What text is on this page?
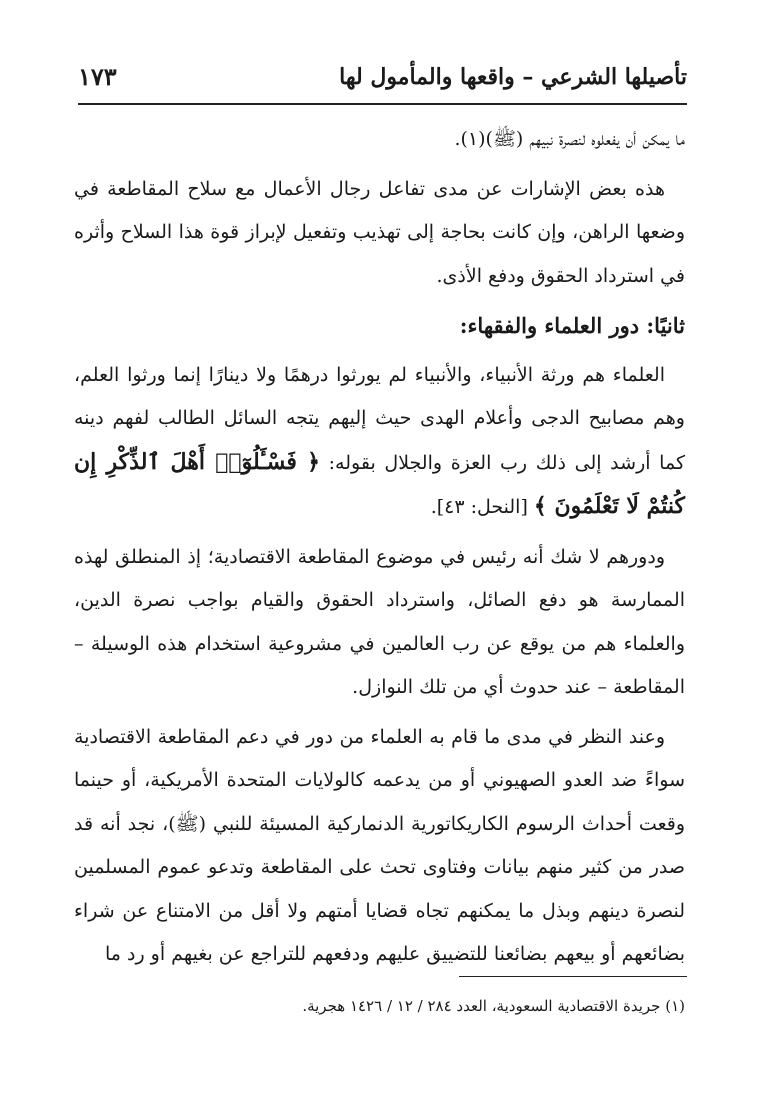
تأصيلها الشرعي – واقعها والمأمول لها
١٧٣

ما يمكن أن يفعلوه لنصرة نبيهم (ﷺ)(١).

هذه بعض الإشارات عن مدى تفاعل رجال الأعمال مع سلاح المقاطعة في وضعها الراهن، وإن كانت بحاجة إلى تهذيب وتفعيل لإبراز قوة هذا السلاح وأثره في استرداد الحقوق ودفع الأذى.

ثانيًا: دور العلماء والفقهاء:

العلماء هم ورثة الأنبياء، والأنبياء لم يورثوا درهمًا ولا دينارًا إنما ورثوا العلم، وهم مصابيح الدجى وأعلام الهدى حيث إليهم يتجه السائل الطالب لفهم دينه كما أرشد إلى ذلك رب العزة والجلال بقوله: ﴿ فَسْـَٔلُوٓا۟ أَهْلَ ٱلذِّكْرِ إِن كُنتُمْ لَا تَعْلَمُونَ ﴾ [النحل: ٤٣].

ودورهم لا شك أنه رئيس في موضوع المقاطعة الاقتصادية؛ إذ المنطلق لهذه الممارسة هو دفع الصائل، واسترداد الحقوق والقيام بواجب نصرة الدين، والعلماء هم من يوقع عن رب العالمين في مشروعية استخدام هذه الوسيلة – المقاطعة – عند حدوث أي من تلك النوازل.

وعند النظر في مدى ما قام به العلماء من دور في دعم المقاطعة الاقتصادية سواءً ضد العدو الصهيوني أو من يدعمه كالولايات المتحدة الأمريكية، أو حينما وقعت أحداث الرسوم الكاريكاتورية الدنماركية المسيئة للنبي (ﷺ)، نجد أنه قد صدر من كثير منهم بيانات وفتاوى تحث على المقاطعة وتدعو عموم المسلمين لنصرة دينهم وبذل ما يمكنهم تجاه قضايا أمتهم ولا أقل من الامتناع عن شراء بضائعهم أو بيعهم بضائعنا للتضييق عليهم ودفعهم للتراجع عن بغيهم أو رد ما

(١) جريدة الاقتصادية السعودية، العدد ٢٨٤ / ١٢ / ١٤٢٦ هجرية.
